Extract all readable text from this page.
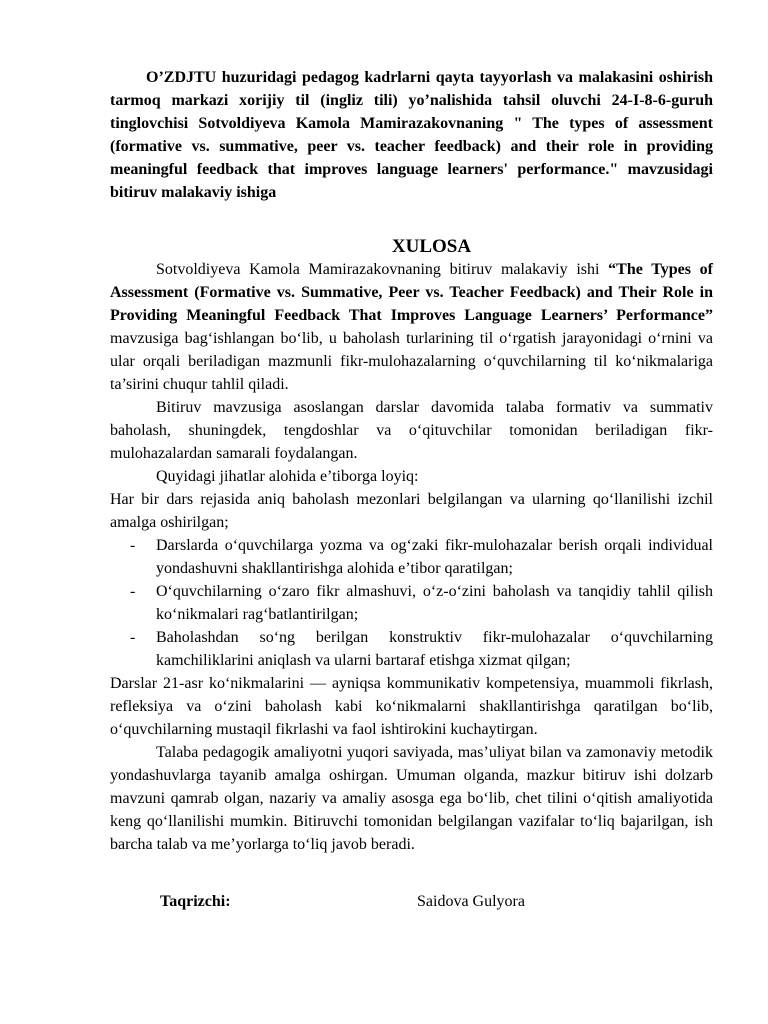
O’ZDJTU huzuridagi pedagog kadrlarni qayta tayyorlash va malakasini oshirish tarmoq markazi xorijiy til (ingliz tili) yo’nalishida tahsil oluvchi 24-I-8-6-guruh tinglovchisi Sotvoldiyeva Kamola Mamirazakovnaning " The types of assessment (formative vs. summative, peer vs. teacher feedback) and their role in providing meaningful feedback that improves language learners' performance." mavzusidagi bitiruv malakaviy ishiga

XULOSA

Sotvoldiyeva Kamola Mamirazakovnaning bitiruv malakaviy ishi “The Types of Assessment (Formative vs. Summative, Peer vs. Teacher Feedback) and Their Role in Providing Meaningful Feedback That Improves Language Learners’ Performance” mavzusiga bag‘ishlangan bo‘lib, u baholash turlarining til o‘rgatish jarayonidagi o‘rnini va ular orqali beriladigan mazmunli fikr-mulohazalarning o‘quvchilarning til ko‘nikmalariga ta’sirini chuqur tahlil qiladi.

Bitiruv mavzusiga asoslangan darslar davomida talaba formativ va summativ baholash, shuningdek, tengdoshlar va o‘qituvchilar tomonidan beriladigan fikr-mulohazalardan samarali foydalangan.

Quyidagi jihatlar alohida e’tiborga loyiq:

Har bir dars rejasida aniq baholash mezonlari belgilangan va ularning qo‘llanilishi izchil amalga oshirilgan;

- Darslarda o‘quvchilarga yozma va og‘zaki fikr-mulohazalar berish orqali individual yondashuvni shakllantirishga alohida e’tibor qaratilgan;
- O‘quvchilarning o‘zaro fikr almashuvi, o‘z-o‘zini baholash va tanqidiy tahlil qilish ko‘nikmalari rag‘batlantirilgan;
- Baholashdan so‘ng berilgan konstruktiv fikr-mulohazalar o‘quvchilarning kamchiliklarini aniqlash va ularni bartaraf etishga xizmat qilgan;

Darslar 21-asr ko‘nikmalarini — ayniqsa kommunikativ kompetensiya, muammoli fikrlash, refleksiya va o‘zini baholash kabi ko‘nikmalarni shakllantirishga qaratilgan bo‘lib, o‘quvchilarning mustaqil fikrlashi va faol ishtirokini kuchaytirgan.

Talaba pedagogik amaliyotni yuqori saviyada, mas’uliyat bilan va zamonaviy metodik yondashuvlarga tayanib amalga oshirgan. Umuman olganda, mazkur bitiruv ishi dolzarb mavzuni qamrab olgan, nazariy va amaliy asosga ega bo‘lib, chet tilini o‘qitish amaliyotida keng qo‘llanilishi mumkin. Bitiruvchi tomonidan belgilangan vazifalar to‘liq bajarilgan, ish barcha talab va me’yorlarga to‘liq javob beradi.

Taqrizchi:	Saidova Gulyora
